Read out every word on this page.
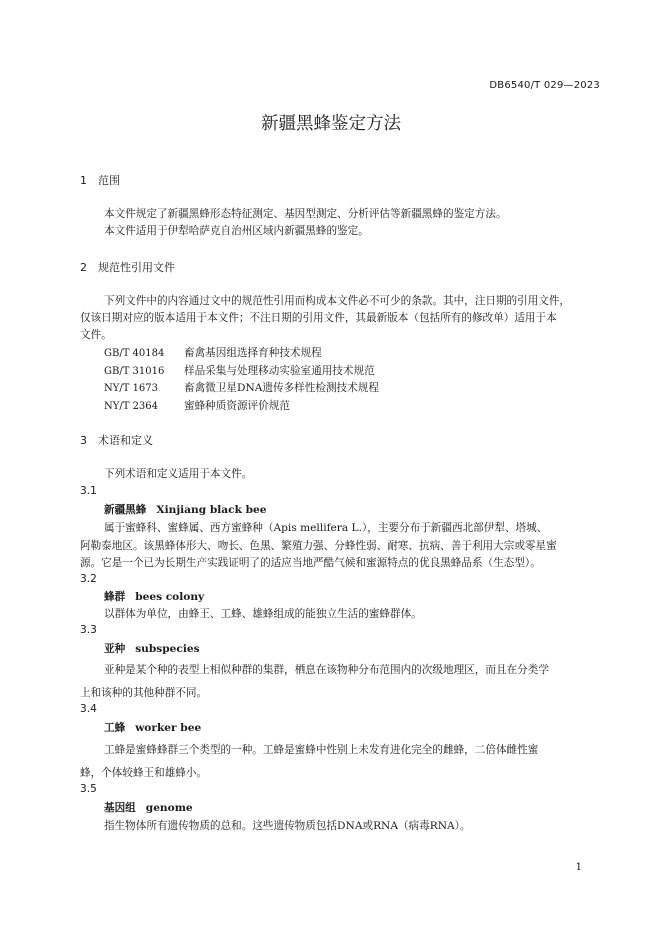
DB6540/T 029—2023
新疆黑蜂鉴定方法
1 范围
本文件规定了新疆黑蜂形态特征测定、基因型测定、分析评估等新疆黑蜂的鉴定方法。
本文件适用于伊犁哈萨克自治州区域内新疆黑蜂的鉴定。
2 规范性引用文件
下列文件中的内容通过文中的规范性引用而构成本文件必不可少的条款。其中，注日期的引用文件，
仅该日期对应的版本适用于本文件；不注日期的引用文件，其最新版本（包括所有的修改单）适用于本
文件。
GB/T 40184 畜禽基因组选择育种技术规程
GB/T 31016 样品采集与处理移动实验室通用技术规范
NY/T 1673 畜禽微卫星DNA遗传多样性检测技术规程
NY/T 2364 蜜蜂种质资源评价规范
3 术语和定义
下列术语和定义适用于本文件。
3.1
新疆黑蜂 Xinjiang black bee
属于蜜蜂科、蜜蜂属、西方蜜蜂种（Apis mellifera L.），主要分布于新疆西北部伊犁、塔城、
阿勒泰地区。该黑蜂体形大、吻长、色黑、繁殖力强、分蜂性弱、耐寒、抗病、善于利用大宗或零星蜜
源。它是一个已为长期生产实践证明了的适应当地严酷气候和蜜源特点的优良黑蜂品系（生态型）。
3.2
蜂群 bees colony
以群体为单位，由蜂王、工蜂、雄蜂组成的能独立生活的蜜蜂群体。
3.3
亚种 subspecies
亚种是某个种的表型上相似种群的集群，栖息在该物种分布范围内的次级地理区，而且在分类学
上和该种的其他种群不同。
3.4
工蜂 worker bee
工蜂是蜜蜂蜂群三个类型的一种。工蜂是蜜蜂中性别上未发育进化完全的雌蜂，二倍体雌性蜜
蜂，个体较蜂王和雄蜂小。
3.5
基因组 genome
指生物体所有遗传物质的总和。这些遗传物质包括DNA或RNA（病毒RNA）。
1
